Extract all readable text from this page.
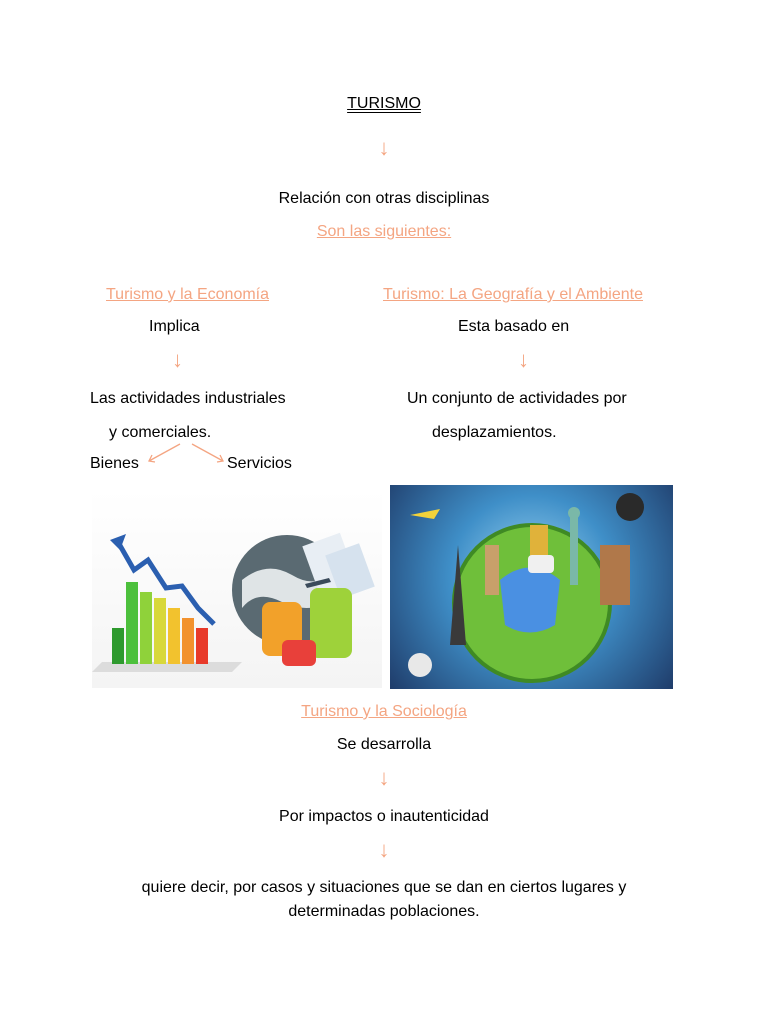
TURISMO
↓
Relación con otras disciplinas
Son las siguientes:
Turismo y la Economía
Implica
↓
Las actividades industriales
y comerciales.
Bienes	Servicios
Turismo: La Geografía y el Ambiente
Esta basado en
↓
Un conjunto de actividades por
desplazamientos.
Turismo y la Sociología
Se desarrolla
↓
Por impactos o inautenticidad
↓
quiere decir, por casos y situaciones que se dan en ciertos lugares y
determinadas poblaciones.
